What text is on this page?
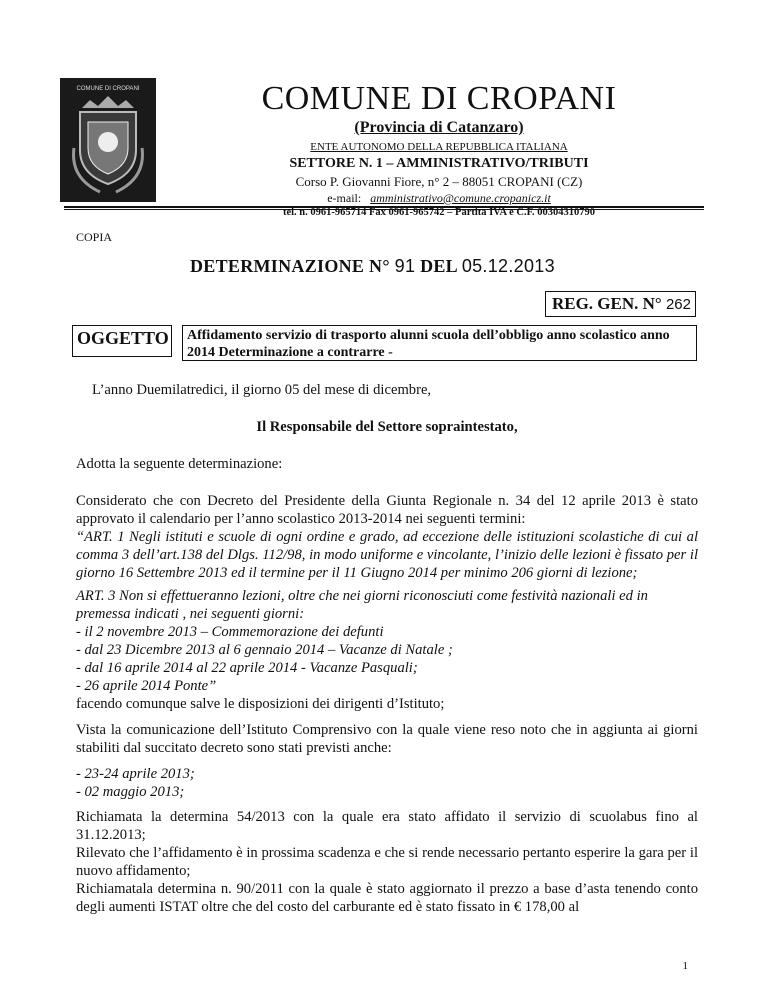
COMUNE DI CROPANI	COMUNE DI CROPANI
(Provincia di Catanzaro)
ENTE AUTONOMO DELLA REPUBBLICA ITALIANA
SETTORE N. 1 – AMMINISTRATIVO/TRIBUTI
Corso P. Giovanni Fiore, n° 2 – 88051 CROPANI (CZ)
e-mail: amministrativo@comune.cropanicz.it
tel. n. 0961-965714 Fax 0961-965742 – Partita IVA e C.F. 00304310790
COPIA
DETERMINAZIONE N° 91 DEL 05.12.2013
REG. GEN. N° 262
OGGETTO	Affidamento servizio di trasporto alunni scuola dell’obbligo anno scolastico anno 2014 Determinazione a contrarre -
L’anno Duemilatredici, il giorno 05 del mese di dicembre,
Il Responsabile del Settore sopraintestato,
Adotta la seguente determinazione:
Considerato che con Decreto del Presidente della Giunta Regionale n. 34 del 12 aprile 2013 è stato approvato il calendario per l’anno scolastico 2013-2014 nei seguenti termini:
“ART. 1 Negli istituti e scuole di ogni ordine e grado, ad eccezione delle istituzioni scolastiche di cui al comma 3 dell’art.138 del Dlgs. 112/98, in modo uniforme e vincolante, l’inizio delle lezioni è fissato per il giorno 16 Settembre 2013 ed il termine per il 11 Giugno 2014 per minimo 206 giorni di lezione;
ART. 3 Non si effettueranno lezioni, oltre che nei giorni riconosciuti come festività nazionali ed in premessa indicati , nei seguenti giorni:
- il 2 novembre 2013 – Commemorazione dei defunti
- dal 23 Dicembre 2013 al 6 gennaio 2014 – Vacanze di Natale ;
- dal 16 aprile 2014 al 22 aprile 2014 - Vacanze Pasquali;
- 26 aprile 2014 Ponte”
facendo comunque salve le disposizioni dei dirigenti d’Istituto;
Vista la comunicazione dell’Istituto Comprensivo con la quale viene reso noto che in aggiunta ai giorni stabiliti dal succitato decreto sono stati previsti anche:
- 23-24 aprile 2013;
- 02 maggio 2013;
Richiamata la determina 54/2013 con la quale era stato affidato il servizio di scuolabus fino al 31.12.2013;
Rilevato che l’affidamento è in prossima scadenza e che si rende necessario pertanto esperire la gara per il nuovo affidamento;
Richiamatala determina n. 90/2011 con la quale è stato aggiornato il prezzo a base d’asta tenendo conto degli aumenti ISTAT oltre che del costo del carburante ed è stato fissato in € 178,00 al
1
